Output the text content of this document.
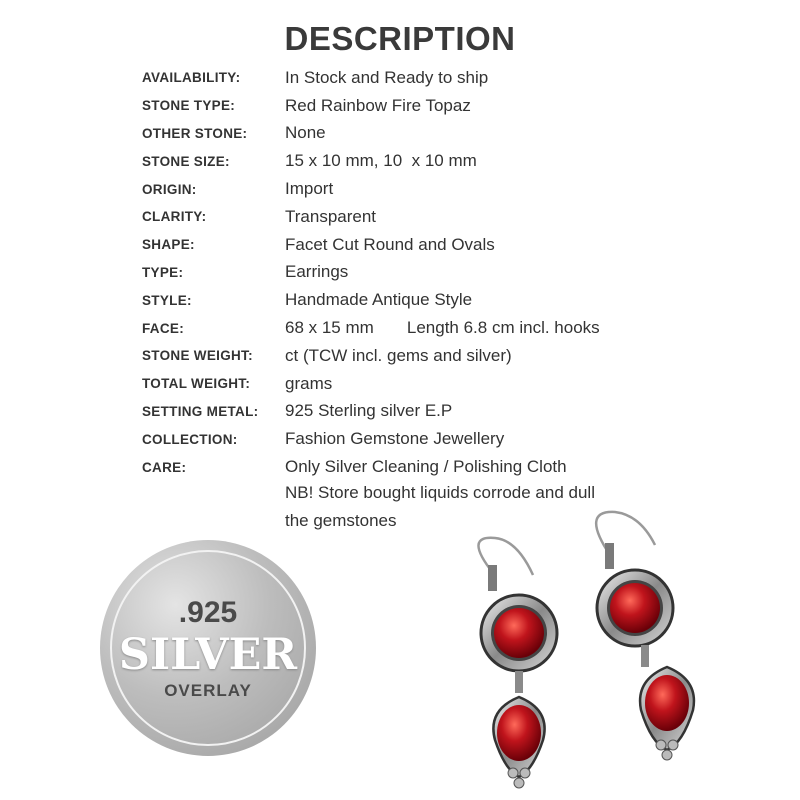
DESCRIPTION
AVAILABILITY:	In Stock and Ready to ship
STONE TYPE:	Red Rainbow Fire Topaz
OTHER STONE:	None
STONE SIZE:	15 x 10 mm, 10  x 10 mm
ORIGIN:	Import
CLARITY:	Transparent
SHAPE:	Facet Cut Round and Ovals
TYPE:	Earrings
STYLE:	Handmade Antique Style
FACE:	68 x 15 mm       Length 6.8 cm incl. hooks
STONE WEIGHT:	ct (TCW incl. gems and silver)
TOTAL WEIGHT:	grams
SETTING METAL:	925 Sterling silver E.P
COLLECTION:	Fashion Gemstone Jewellery
CARE:	Only Silver Cleaning / Polishing Cloth
NB! Store bought liquids corrode and dull
the gemstones
.925
SILVER
OVERLAY
